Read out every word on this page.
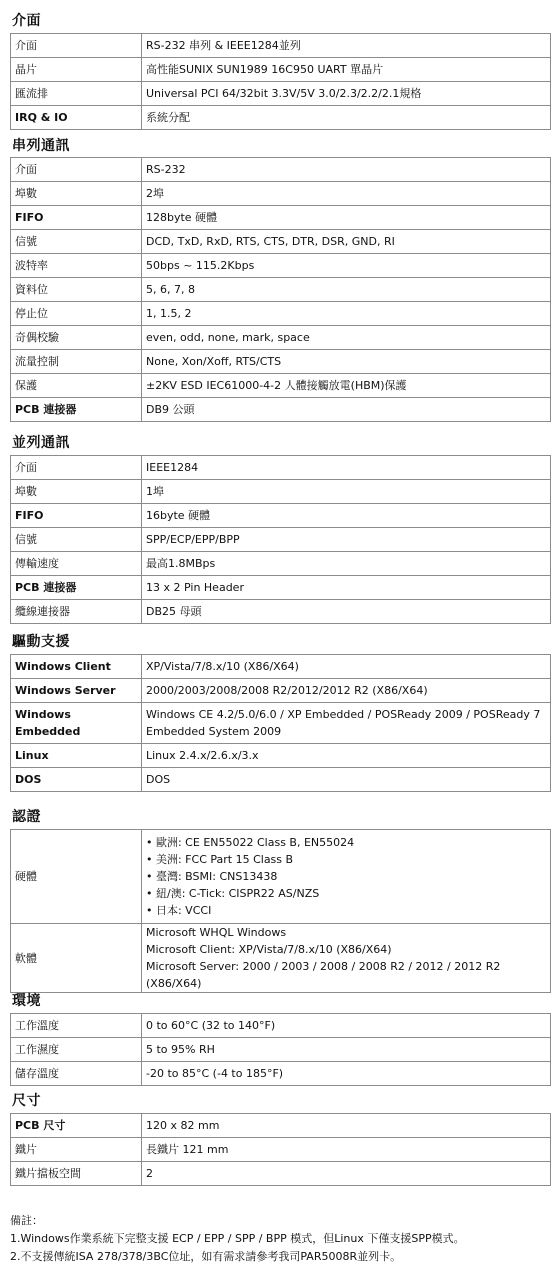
介面
介面	RS-232 串列 & IEEE1284並列
晶片	高性能SUNIX SUN1989 16C950 UART 單晶片
匯流排	Universal PCI 64/32bit 3.3V/5V 3.0/2.3/2.2/2.1規格
IRQ & IO	系統分配
串列通訊
介面	RS-232
埠數	2埠
FIFO	128byte 硬體
信號	DCD, TxD, RxD, RTS, CTS, DTR, DSR, GND, RI
波特率	50bps ~ 115.2Kbps
資料位	5, 6, 7, 8
停止位	1, 1.5, 2
奇偶校驗	even, odd, none, mark, space
流量控制	None, Xon/Xoff, RTS/CTS
保護	±2KV ESD IEC61000-4-2 人體接觸放電(HBM)保護
PCB 連接器	DB9 公頭
並列通訊
介面	IEEE1284
埠數	1埠
FIFO	16byte 硬體
信號	SPP/ECP/EPP/BPP
傳輸速度	最高1.8MBps
PCB 連接器	13 x 2 Pin Header
纜線連接器	DB25 母頭
驅動支援
Windows Client	XP/Vista/7/8.x/10 (X86/X64)
Windows Server	2000/2003/2008/2008 R2/2012/2012 R2 (X86/X64)
Windows Embedded	Windows CE 4.2/5.0/6.0 / XP Embedded / POSReady 2009 / POSReady 7 Embedded System 2009
Linux	Linux 2.4.x/2.6.x/3.x
DOS	DOS
認證
硬體	• 歐洲: CE EN55022 Class B, EN55024
• 美洲: FCC Part 15 Class B
• 臺灣: BSMI: CNS13438
• 紐/澳: C-Tick: CISPR22 AS/NZS
• 日本: VCCI

軟體	Microsoft WHQL Windows
Microsoft Client: XP/Vista/7/8.x/10 (X86/X64)
Microsoft Server: 2000 / 2003 / 2008 / 2008 R2 / 2012 / 2012 R2 (X86/X64)
環境
工作溫度	0 to 60°C (32 to 140°F)
工作濕度	5 to 95% RH
儲存溫度	-20 to 85°C (-4 to 185°F)
尺寸
PCB 尺寸	120 x 82 mm
鐵片	長鐵片 121 mm
鐵片擋板空間	2
備註：
1.Windows作業系統下完整支援 ECP / EPP / SPP / BPP 模式，但Linux 下僅支援SPP模式。
2.不支援傳統ISA 278/378/3BC位址，如有需求請參考我司PAR5008R並列卡。
